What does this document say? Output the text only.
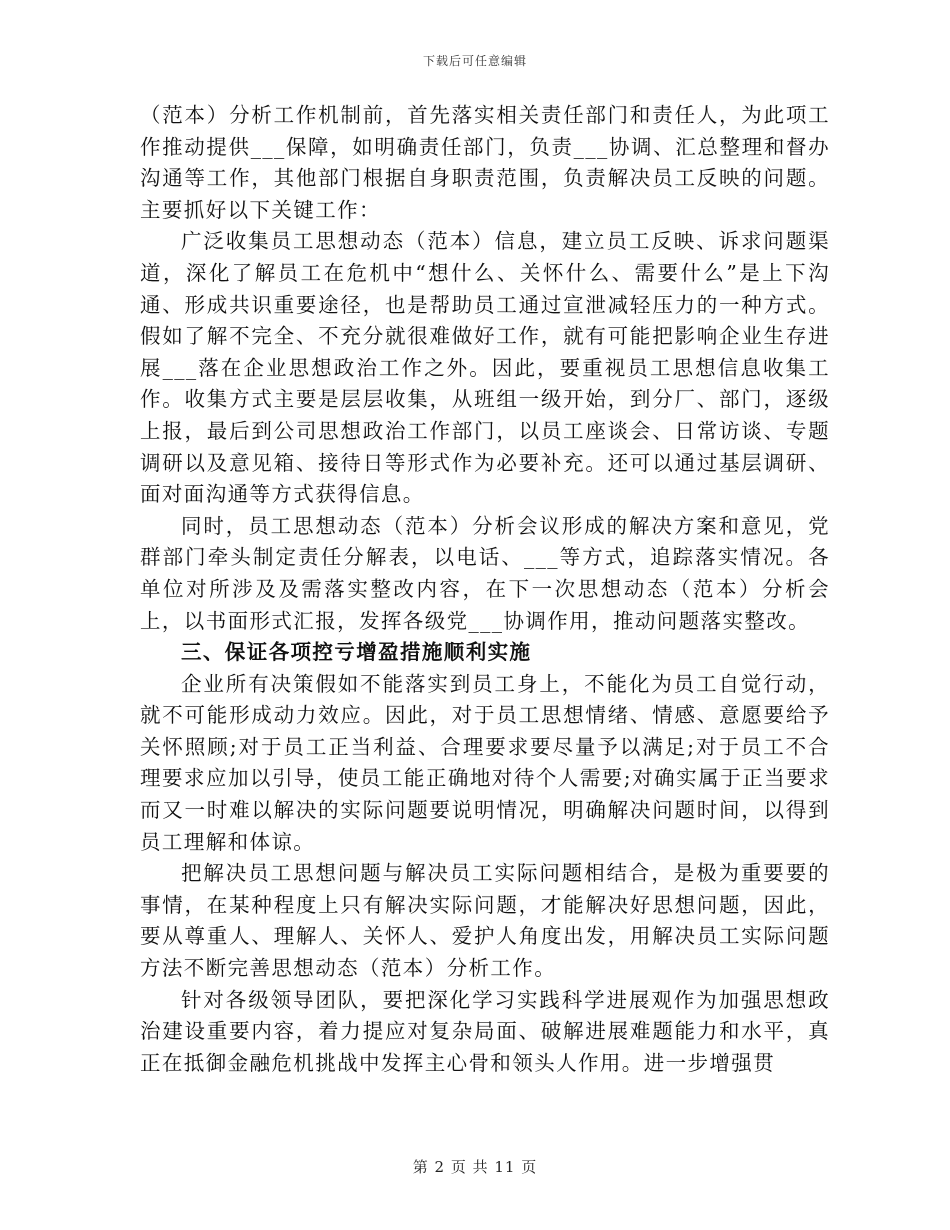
下载后可任意编辑

（范本）分析工作机制前，首先落实相关责任部门和责任人，为此项工作推动提供___保障，如明确责任部门，负责___协调、汇总整理和督办沟通等工作，其他部门根据自身职责范围，负责解决员工反映的问题。主要抓好以下关键工作：

广泛收集员工思想动态（范本）信息，建立员工反映、诉求问题渠道，深化了解员工在危机中“想什么、关怀什么、需要什么”是上下沟通、形成共识重要途径，也是帮助员工通过宣泄减轻压力的一种方式。假如了解不完全、不充分就很难做好工作，就有可能把影响企业生存进展___落在企业思想政治工作之外。因此，要重视员工思想信息收集工作。收集方式主要是层层收集，从班组一级开始，到分厂、部门，逐级上报，最后到公司思想政治工作部门，以员工座谈会、日常访谈、专题调研以及意见箱、接待日等形式作为必要补充。还可以通过基层调研、面对面沟通等方式获得信息。

同时，员工思想动态（范本）分析会议形成的解决方案和意见，党群部门牵头制定责任分解表，以电话、___等方式，追踪落实情况。各单位对所涉及及需落实整改内容，在下一次思想动态（范本）分析会上，以书面形式汇报，发挥各级党___协调作用，推动问题落实整改。

三、保证各项控亏增盈措施顺利实施

企业所有决策假如不能落实到员工身上，不能化为员工自觉行动，就不可能形成动力效应。因此，对于员工思想情绪、情感、意愿要给予关怀照顾;对于员工正当利益、合理要求要尽量予以满足;对于员工不合理要求应加以引导，使员工能正确地对待个人需要;对确实属于正当要求而又一时难以解决的实际问题要说明情况，明确解决问题时间，以得到员工理解和体谅。

把解决员工思想问题与解决员工实际问题相结合，是极为重要要的事情，在某种程度上只有解决实际问题，才能解决好思想问题，因此，要从尊重人、理解人、关怀人、爱护人角度出发，用解决员工实际问题方法不断完善思想动态（范本）分析工作。

针对各级领导团队，要把深化学习实践科学进展观作为加强思想政治建设重要内容，着力提应对复杂局面、破解进展难题能力和水平，真正在抵御金融危机挑战中发挥主心骨和领头人作用。进一步增强贯

第 2 页 共 11 页
